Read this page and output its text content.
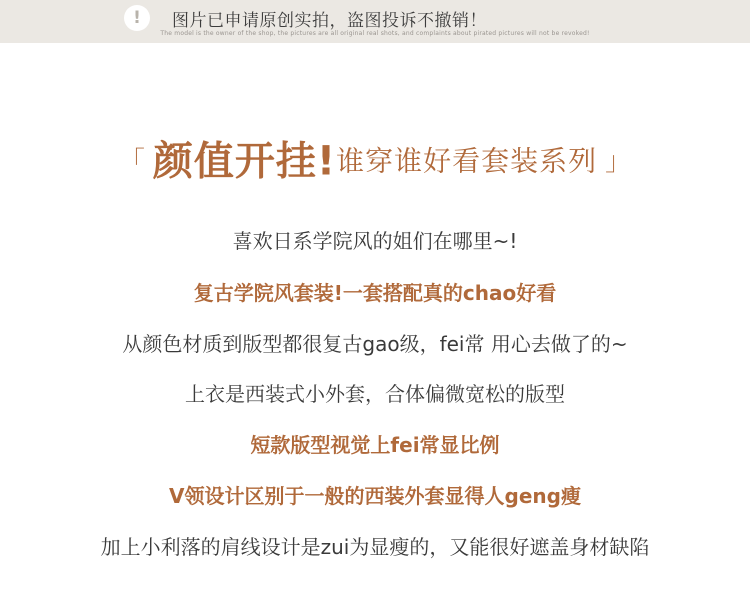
! 图片已申请原创实拍，盗图投诉不撤销！
The model is the owner of the shop, the pictures are all original real shots, and complaints about pirated pictures will not be revoked!
「 颜值开挂!谁穿谁好看套装系列 」
喜欢日系学院风的姐们在哪里~!
复古学院风套装!一套搭配真的chao好看
从颜色材质到版型都很复古gao级，fei常 用心去做了的~
上衣是西装式小外套，合体偏微宽松的版型
短款版型视觉上fei常显比例
V领设计区别于一般的西装外套显得人geng瘦
加上小利落的肩线设计是zui为显瘦的，又能很好遮盖身材缺陷
